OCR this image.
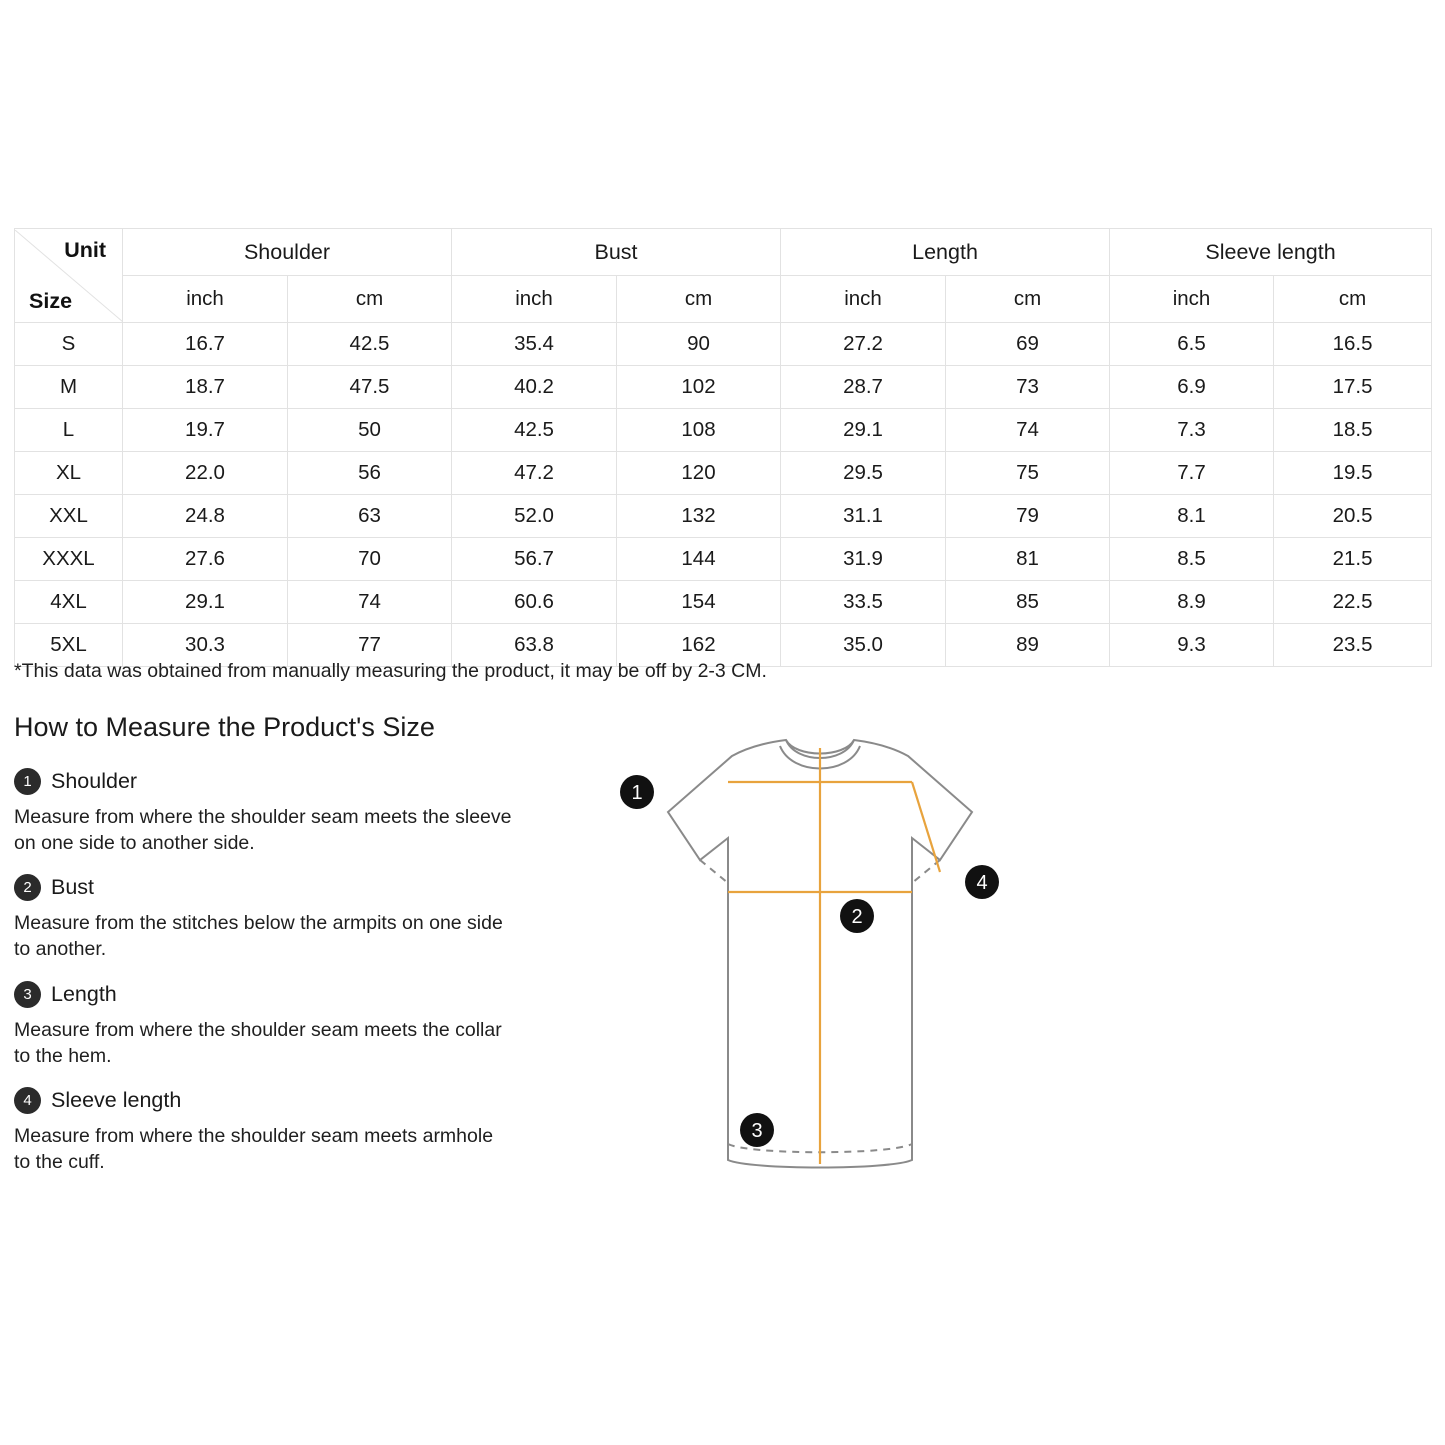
Unit
Size	Shoulder		Bust		Length		Sleeve length	
	inch	cm	inch	cm	inch	cm	inch	cm
S	16.7	42.5	35.4	90	27.2	69	6.5	16.5
M	18.7	47.5	40.2	102	28.7	73	6.9	17.5
L	19.7	50	42.5	108	29.1	74	7.3	18.5
XL	22.0	56	47.2	120	29.5	75	7.7	19.5
XXL	24.8	63	52.0	132	31.1	79	8.1	20.5
XXXL	27.6	70	56.7	144	31.9	81	8.5	21.5
4XL	29.1	74	60.6	154	33.5	85	8.9	22.5
5XL	30.3	77	63.8	162	35.0	89	9.3	23.5
*This data was obtained from manually measuring the product, it may be off by 2-3 CM.
How to Measure the Product's Size
1 Shoulder
Measure from where the shoulder seam meets the sleeve on one side to another side.
2 Bust
Measure from the stitches below the armpits on one side to another.
3 Length
Measure from where the shoulder seam meets the collar to the hem.
4 Sleeve length
Measure from where the shoulder seam meets armhole to the cuff.
1
2
3
4
